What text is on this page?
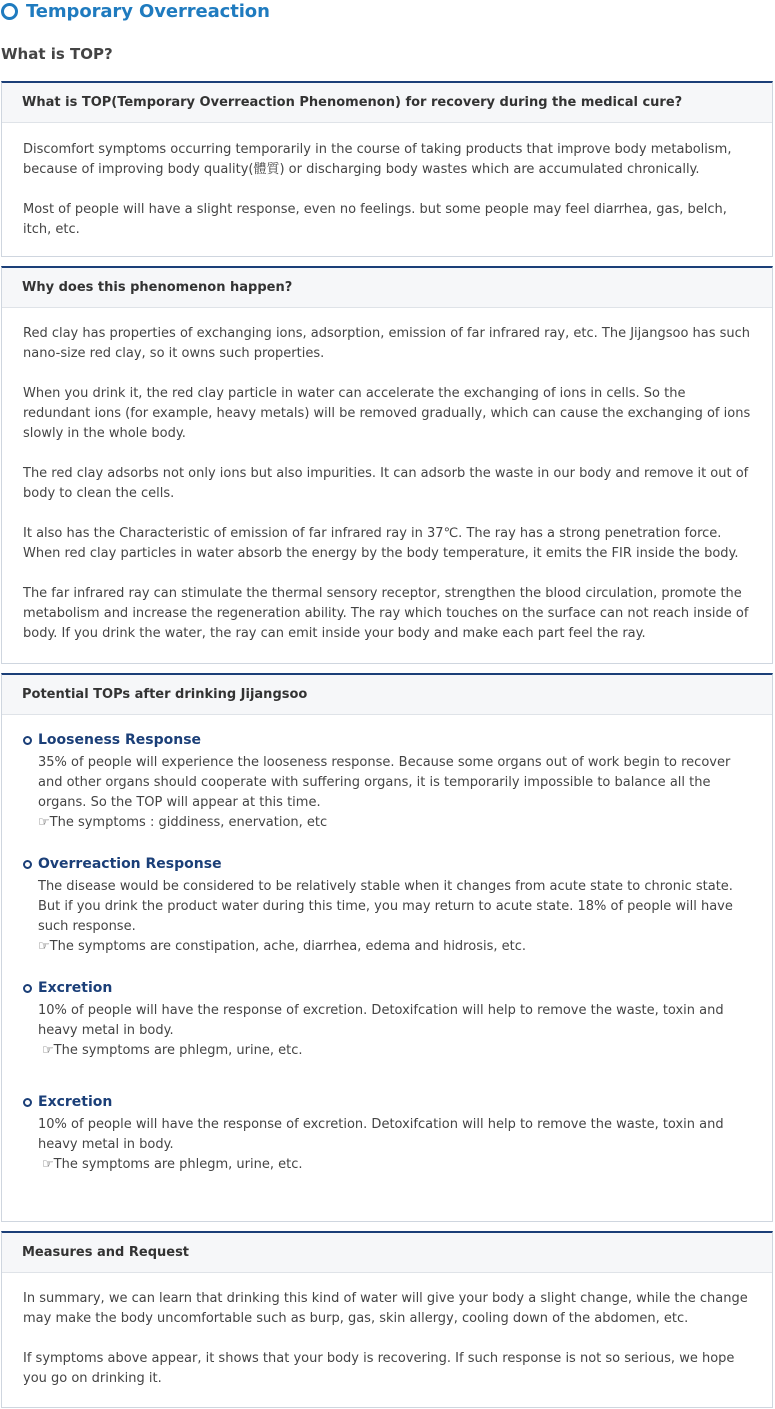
Temporary Overreaction
What is TOP?
What is TOP(Temporary Overreaction Phenomenon) for recovery during the medical cure?

Discomfort symptoms occurring temporarily in the course of taking products that improve body metabolism, because of improving body quality(體質) or discharging body wastes which are accumulated chronically.

Most of people will have a slight response, even no feelings. but some people may feel diarrhea, gas, belch, itch, etc.

Why does this phenomenon happen?

Red clay has properties of exchanging ions, adsorption, emission of far infrared ray, etc. The Jijangsoo has such nano-size red clay, so it owns such properties.

When you drink it, the red clay particle in water can accelerate the exchanging of ions in cells. So the redundant ions (for example, heavy metals) will be removed gradually, which can cause the exchanging of ions slowly in the whole body.

The red clay adsorbs not only ions but also impurities. It can adsorb the waste in our body and remove it out of body to clean the cells.

It also has the Characteristic of emission of far infrared ray in 37℃. The ray has a strong penetration force. When red clay particles in water absorb the energy by the body temperature, it emits the FIR inside the body.

The far infrared ray can stimulate the thermal sensory receptor, strengthen the blood circulation, promote the metabolism and increase the regeneration ability. The ray which touches on the surface can not reach inside of body. If you drink the water, the ray can emit inside your body and make each part feel the ray.

Potential TOPs after drinking Jijangsoo
Looseness Response
35% of people will experience the looseness response. Because some organs out of work begin to recover and other organs should cooperate with suffering organs, it is temporarily impossible to balance all the organs. So the TOP will appear at this time.
☞The symptoms : giddiness, enervation, etc
Overreaction Response
The disease would be considered to be relatively stable when it changes from acute state to chronic state. But if you drink the product water during this time, you may return to acute state. 18% of people will have such response.
☞The symptoms are constipation, ache, diarrhea, edema and hidrosis, etc.
Excretion
10% of people will have the response of excretion. Detoxifcation will help to remove the waste, toxin and heavy metal in body.
☞The symptoms are phlegm, urine, etc.
Excretion
10% of people will have the response of excretion. Detoxifcation will help to remove the waste, toxin and heavy metal in body.
☞The symptoms are phlegm, urine, etc.
Measures and Request

In summary, we can learn that drinking this kind of water will give your body a slight change, while the change may make the body uncomfortable such as burp, gas, skin allergy, cooling down of the abdomen, etc.

If symptoms above appear, it shows that your body is recovering. If such response is not so serious, we hope you go on drinking it.
